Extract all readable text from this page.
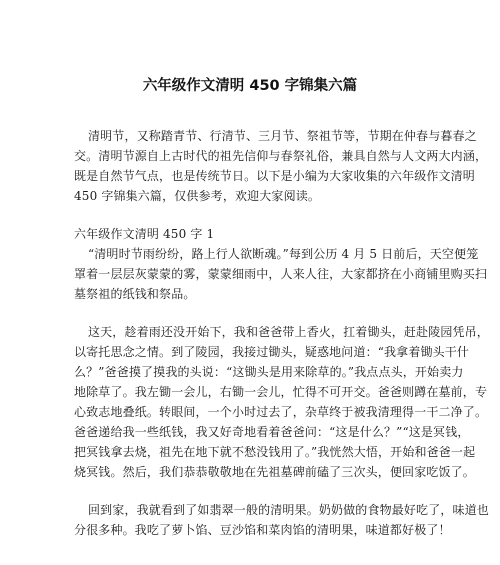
六年级作文清明 450 字锦集六篇
清明节，又称踏青节、行清节、三月节、祭祖节等，节期在仲春与暮春之
交。清明节源自上古时代的祖先信仰与春祭礼俗，兼具自然与人文两大内涵，
既是自然节气点，也是传统节日。以下是小编为大家收集的六年级作文清明
450 字锦集六篇，仅供参考，欢迎大家阅读。
六年级作文清明 450 字 1
“清明时节雨纷纷，路上行人欲断魂。”每到公历 4 月 5 日前后，天空便笼
罩着一层层灰蒙蒙的雾，蒙蒙细雨中，人来人往，大家都挤在小商铺里购买扫
墓祭祖的纸钱和祭品。
这天，趁着雨还没开始下，我和爸爸带上香火，扛着锄头，赶赴陵园凭吊，
以寄托思念之情。到了陵园，我接过锄头，疑惑地问道：“我拿着锄头干什
么？”爸爸摸了摸我的头说：“这锄头是用来除草的。”我点点头，开始卖力
地除草了。我左锄一会儿，右锄一会儿，忙得不可开交。爸爸则蹲在墓前，专
心致志地叠纸。转眼间，一个小时过去了，杂草终于被我清理得一干二净了。
爸爸递给我一些纸钱，我又好奇地看着爸爸问：“这是什么？”“这是冥钱，
把冥钱拿去烧，祖先在地下就不愁没钱用了。”我恍然大悟，开始和爸爸一起
烧冥钱。然后，我们恭恭敬敬地在先祖墓碑前磕了三次头，便回家吃饭了。
回到家，我就看到了如翡翠一般的清明果。奶奶做的食物最好吃了，味道也
分很多种。我吃了萝卜馅、豆沙馅和菜肉馅的清明果，味道都好极了！
